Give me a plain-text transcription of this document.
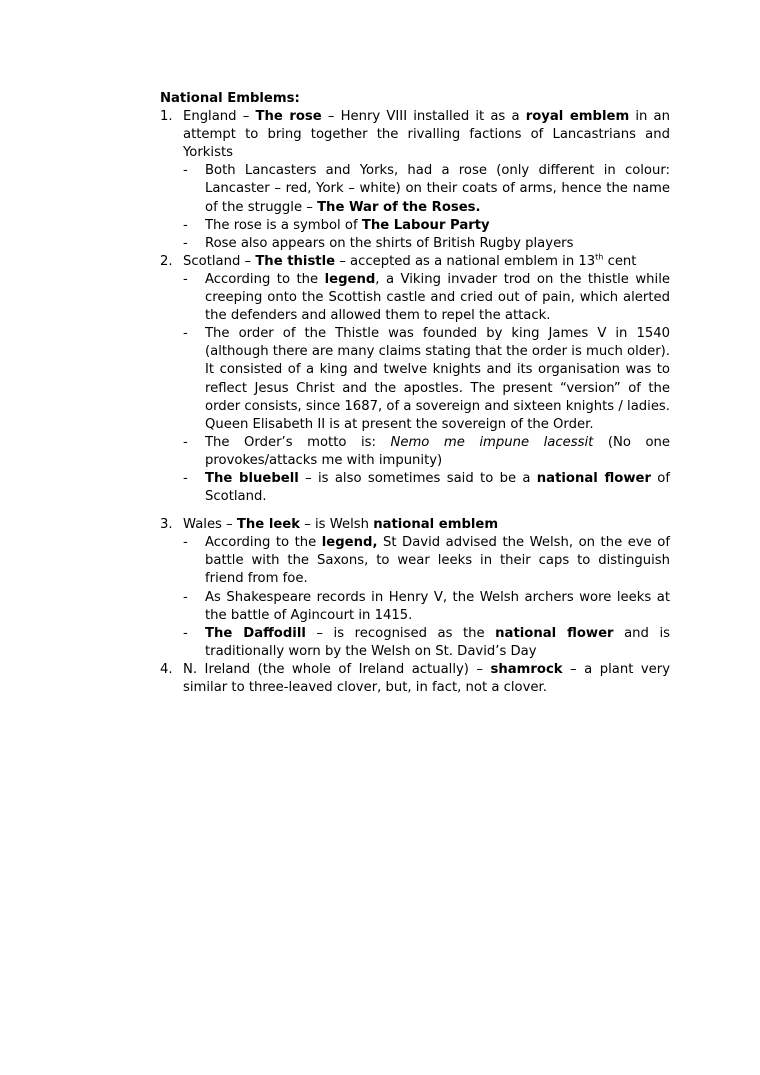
National Emblems:
1. England – The rose – Henry VIII installed it as a royal emblem in an attempt to bring together the rivalling factions of Lancastrians and Yorkists
- Both Lancasters and Yorks, had a rose (only different in colour: Lancaster – red, York – white) on their coats of arms, hence the name of the struggle – The War of the Roses.
- The rose is a symbol of The Labour Party
- Rose also appears on the shirts of British Rugby players
2. Scotland – The thistle – accepted as a national emblem in 13th cent
- According to the legend, a Viking invader trod on the thistle while creeping onto the Scottish castle and cried out of pain, which alerted the defenders and allowed them to repel the attack.
- The order of the Thistle was founded by king James V in 1540 (although there are many claims stating that the order is much older). It consisted of a king and twelve knights and its organisation was to reflect Jesus Christ and the apostles. The present “version” of the order consists, since 1687, of a sovereign and sixteen knights / ladies. Queen Elisabeth II is at present the sovereign of the Order.
- The Order’s motto is: Nemo me impune lacessit (No one provokes/attacks me with impunity)
- The bluebell – is also sometimes said to be a national flower of Scotland.
3. Wales – The leek – is Welsh national emblem
- According to the legend, St David advised the Welsh, on the eve of battle with the Saxons, to wear leeks in their caps to distinguish friend from foe.
- As Shakespeare records in Henry V, the Welsh archers wore leeks at the battle of Agincourt in 1415.
- The Daffodill – is recognised as the national flower and is traditionally worn by the Welsh on St. David’s Day
4. N. Ireland (the whole of Ireland actually) – shamrock – a plant very similar to three-leaved clover, but, in fact, not a clover.
